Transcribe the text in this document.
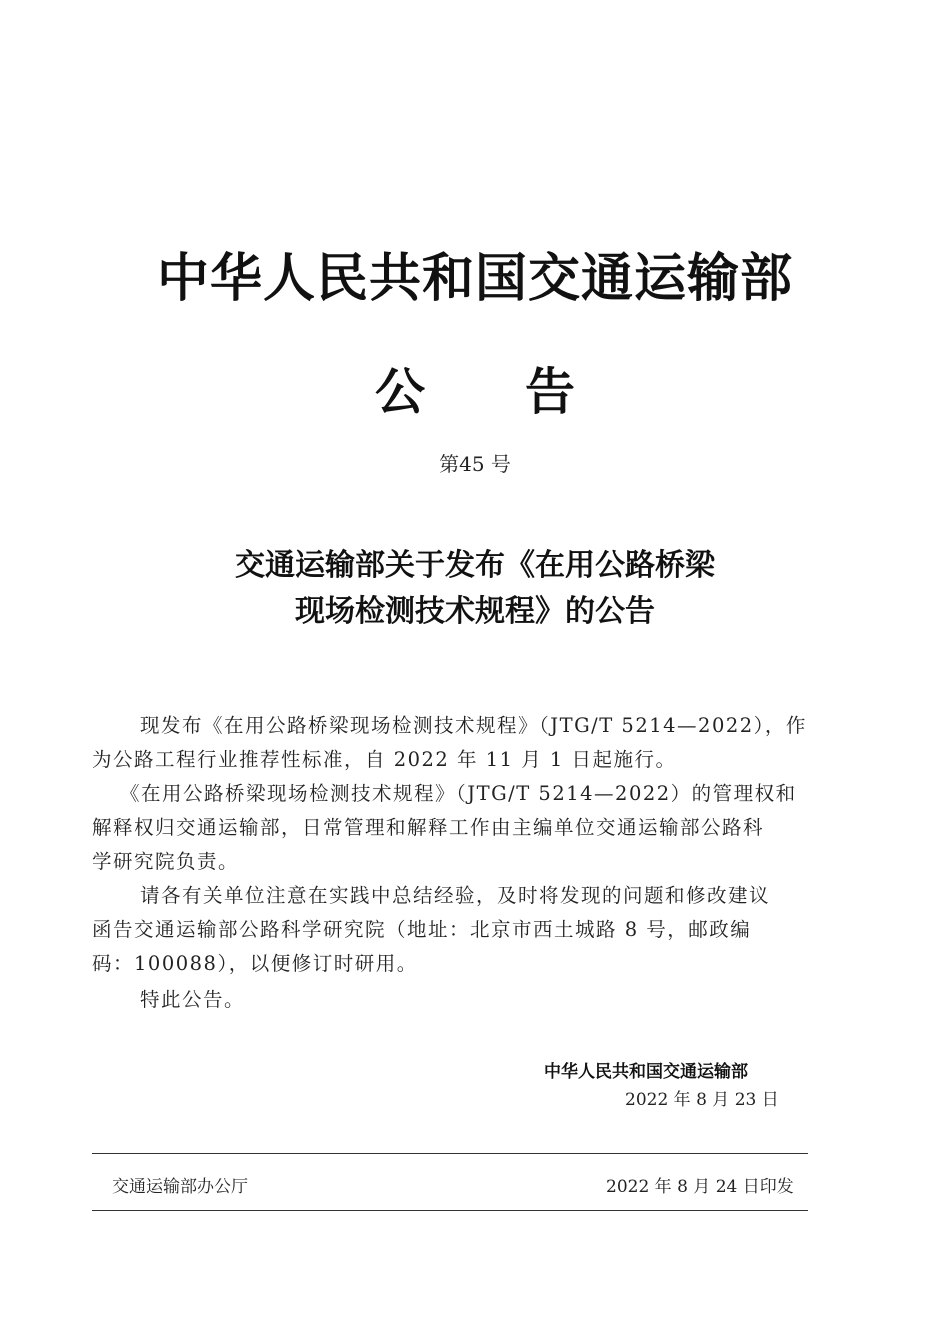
中华人民共和国交通运输部
公 告
第45 号
交通运输部关于发布《在用公路桥梁
现场检测技术规程》的公告
现发布《在用公路桥梁现场检测技术规程》（JTG/T 5214—2022），作
为公路工程行业推荐性标准，自 2022 年 11 月 1 日起施行。
《在用公路桥梁现场检测技术规程》（JTG/T 5214—2022）的管理权和
解释权归交通运输部，日常管理和解释工作由主编单位交通运输部公路科
学研究院负责。
请各有关单位注意在实践中总结经验，及时将发现的问题和修改建议
函告交通运输部公路科学研究院（地址：北京市西土城路 8 号，邮政编
码：100088），以便修订时研用。
特此公告。
中华人民共和国交通运输部
2022 年 8 月 23 日
交通运输部办公厅	2022 年 8 月 24 日印发
